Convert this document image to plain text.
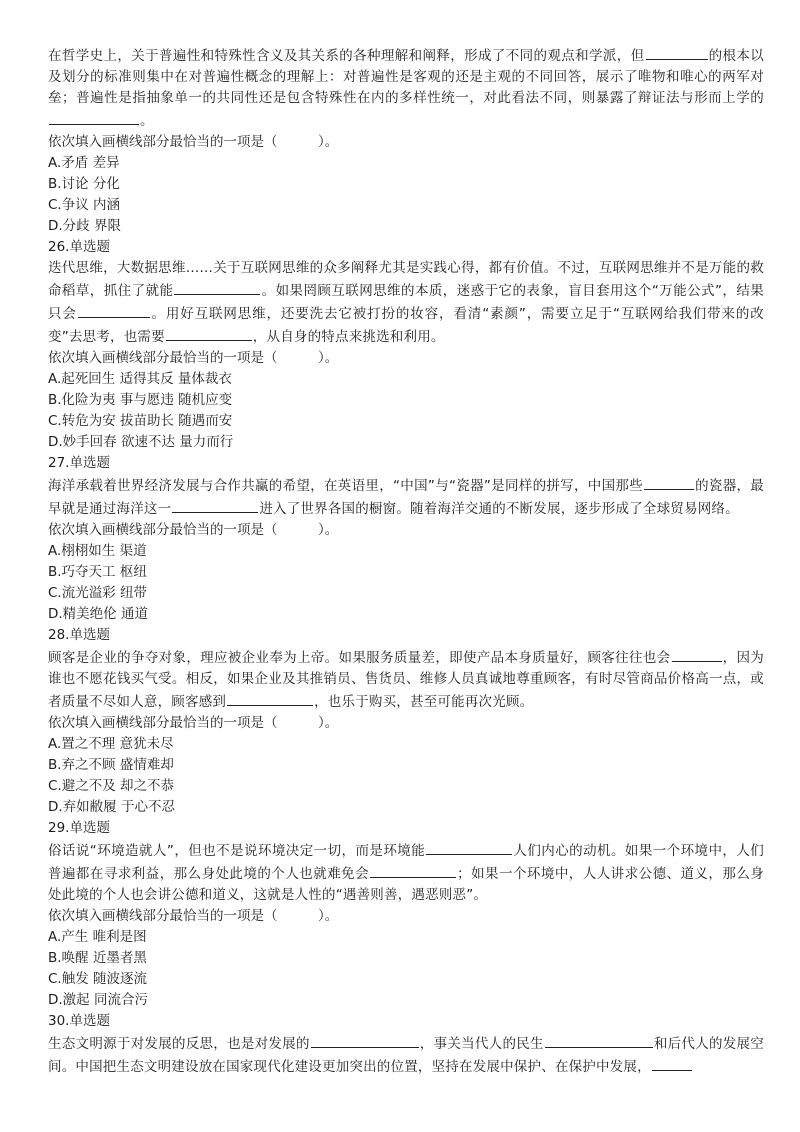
在哲学史上，关于普遍性和特殊性含义及其关系的各种理解和阐释，形成了不同的观点和学派，但	的根本以及划分的标准则集中在对普遍性概念的理解上：对普遍性是客观的还是主观的不同回答，展示了唯物和唯心的两军对垒；普遍性是指抽象单一的共同性还是包含特殊性在内的多样性统一，对此看法不同，则暴露了辩证法与形而上学的。

依次填入画横线部分最恰当的一项是（　　　）。

A.矛盾 差异

B.讨论 分化

C.争议 内涵

D.分歧 界限

26.单选题

迭代思维，大数据思维……关于互联网思维的众多阐释尤其是实践心得，都有价值。不过，互联网思维并不是万能的救命稻草，抓住了就能	。如果罔顾互联网思维的本质，迷惑于它的表象，盲目套用这个“万能公式”，结果只会	。用好互联网思维，还要洗去它被打扮的妆容，看清“素颜”，需要立足于“互联网给我们带来的改变”去思考，也需要	，从自身的特点来挑选和利用。

依次填入画横线部分最恰当的一项是（　　　）。

A.起死回生 适得其反 量体裁衣

B.化险为夷 事与愿违 随机应变

C.转危为安 拔苗助长 随遇而安

D.妙手回春 欲速不达 量力而行

27.单选题

海洋承载着世界经济发展与合作共赢的希望，在英语里，“中国”与“瓷器”是同样的拼写，中国那些	的瓷器，最早就是通过海洋这一	进入了世界各国的橱窗。随着海洋交通的不断发展，逐步形成了全球贸易网络。

依次填入画横线部分最恰当的一项是（　　　）。

A.栩栩如生 渠道

B.巧夺天工 枢纽

C.流光溢彩 纽带

D.精美绝伦 通道

28.单选题

顾客是企业的争夺对象，理应被企业奉为上帝。如果服务质量差，即使产品本身质量好，顾客往往也会	，因为谁也不愿花钱买气受。相反，如果企业及其推销员、售货员、维修人员真诚地尊重顾客，有时尽管商品价格高一点，或者质量不尽如人意，顾客感到	，也乐于购买，甚至可能再次光顾。

依次填入画横线部分最恰当的一项是（　　　）。

A.置之不理 意犹未尽

B.弃之不顾 盛情难却

C.避之不及 却之不恭

D.弃如敝履 于心不忍

29.单选题

俗话说“环境造就人”，但也不是说环境决定一切，而是环境能	人们内心的动机。如果一个环境中，人们普遍都在寻求利益，那么身处此境的个人也就难免会	；如果一个环境中，人人讲求公德、道义，那么身处此境的个人也会讲公德和道义，这就是人性的“遇善则善，遇恶则恶”。

依次填入画横线部分最恰当的一项是（　　　）。

A.产生 唯利是图

B.唤醒 近墨者黑

C.触发 随波逐流

D.激起 同流合污

30.单选题

生态文明源于对发展的反思，也是对发展的	，事关当代人的民生	和后代人的发展空间。中国把生态文明建设放在国家现代化建设更加突出的位置，坚持在发展中保护、在保护中发展，
